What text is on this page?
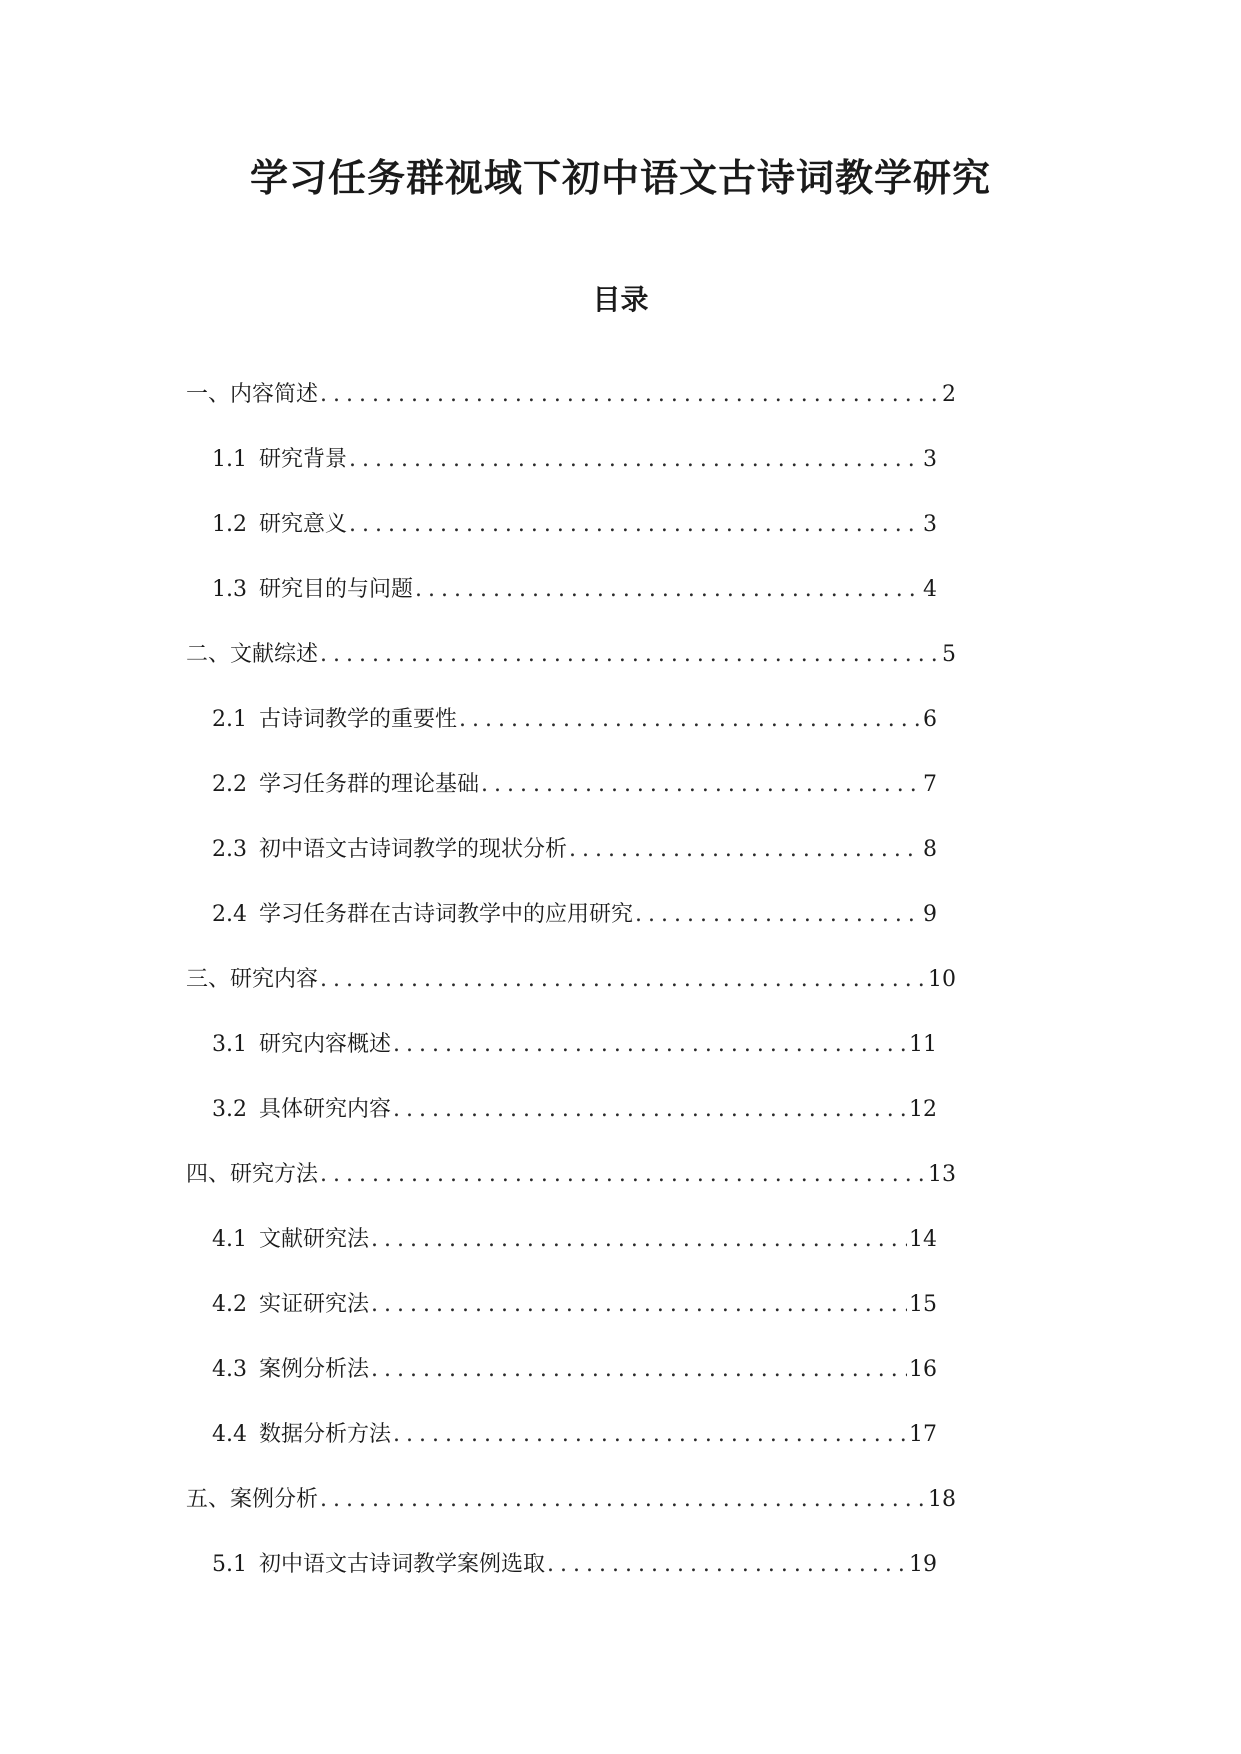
学习任务群视域下初中语文古诗词教学研究
目录
一、内容简述 .....	2
1.1 研究背景 .....	3
1.2 研究意义 .....	3
1.3 研究目的与问题 .....	4
二、文献综述 .....	5
2.1 古诗词教学的重要性 .....	6
2.2 学习任务群的理论基础 .....	7
2.3 初中语文古诗词教学的现状分析 .....	8
2.4 学习任务群在古诗词教学中的应用研究 .....	9
三、研究内容 .....	10
3.1 研究内容概述 .....	11
3.2 具体研究内容 .....	12
四、研究方法 .....	13
4.1 文献研究法 .....	14
4.2 实证研究法 .....	15
4.3 案例分析法 .....	16
4.4 数据分析方法 .....	17
五、案例分析 .....	18
5.1 初中语文古诗词教学案例选取 .....	19
